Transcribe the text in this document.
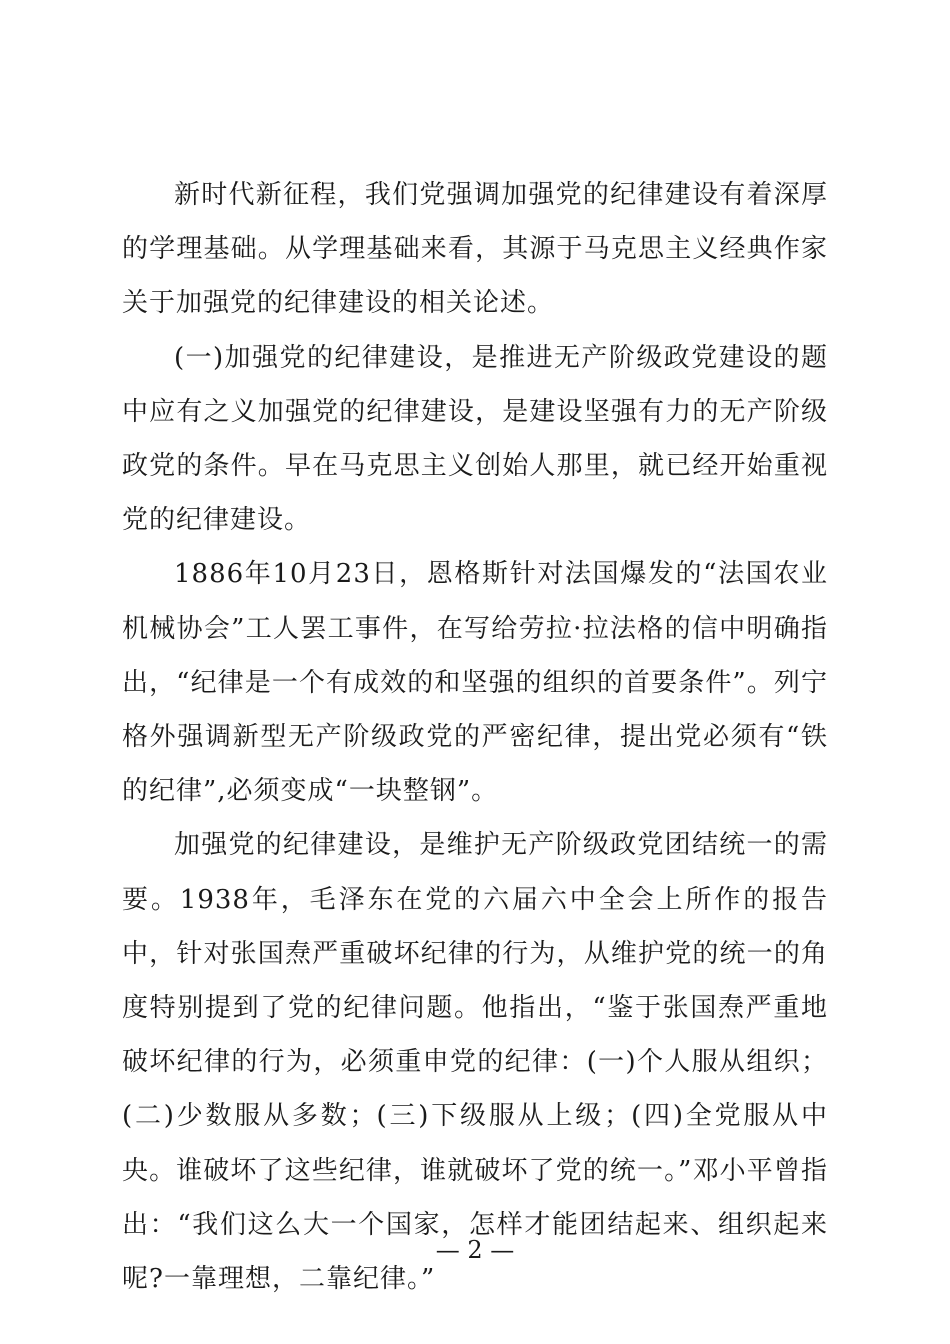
新时代新征程，我们党强调加强党的纪律建设有着深厚的学理基础。从学理基础来看，其源于马克思主义经典作家关于加强党的纪律建设的相关论述。

(一)加强党的纪律建设，是推进无产阶级政党建设的题中应有之义加强党的纪律建设，是建设坚强有力的无产阶级政党的条件。早在马克思主义创始人那里，就已经开始重视党的纪律建设。

1886年10月23日，恩格斯针对法国爆发的“法国农业机械协会”工人罢工事件，在写给劳拉·拉法格的信中明确指出，“纪律是一个有成效的和坚强的组织的首要条件”。列宁格外强调新型无产阶级政党的严密纪律，提出党必须有“铁的纪律”,必须变成“一块整钢”。

加强党的纪律建设，是维护无产阶级政党团结统一的需要。1938年，毛泽东在党的六届六中全会上所作的报告中，针对张国焘严重破坏纪律的行为，从维护党的统一的角度特别提到了党的纪律问题。他指出，“鉴于张国焘严重地破坏纪律的行为，必须重申党的纪律：(一)个人服从组织；(二)少数服从多数；(三)下级服从上级；(四)全党服从中央。谁破坏了这些纪律，谁就破坏了党的统一。”邓小平曾指出：“我们这么大一个国家，怎样才能团结起来、组织起来呢?一靠理想，二靠纪律。”

— 2 —
